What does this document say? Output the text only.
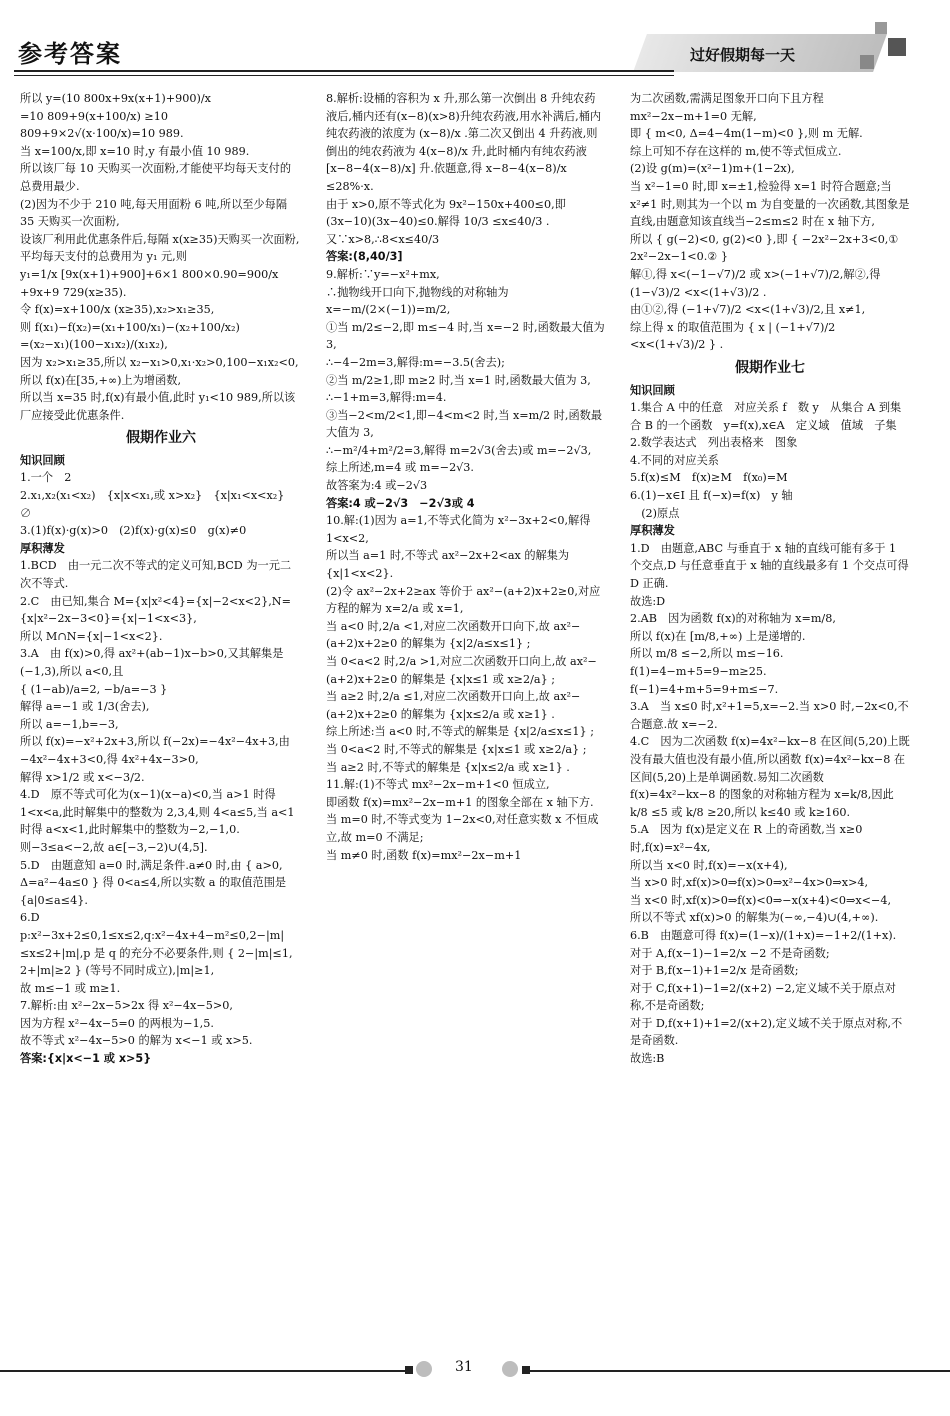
参考答案	过好假期每一天

所以 y=(10 800x+9x(x+1)+900)/x

=10 809+9(x+100/x) ≥10 809+9×2√(x·100/x)=10 989.

当 x=100/x,即 x=10 时,y 有最小值 10 989.

所以该厂每 10 天购买一次面粉,才能使平均每天支付的总费用最少.

(2)因为不少于 210 吨,每天用面粉 6 吨,所以至少每隔 35 天购买一次面粉,

设该厂利用此优惠条件后,每隔 x(x≥35)天购买一次面粉,平均每天支付的总费用为 y₁ 元,则

y₁=1/x [9x(x+1)+900]+6×1 800×0.90=900/x +9x+9 729(x≥35).

令 f(x)=x+100/x (x≥35),x₂>x₁≥35,

则 f(x₁)−f(x₂)=(x₁+100/x₁)−(x₂+100/x₂)

=(x₂−x₁)(100−x₁x₂)/(x₁x₂),

因为 x₂>x₁≥35,所以 x₂−x₁>0,x₁·x₂>0,100−x₁x₂<0,

所以 f(x)在[35,+∞)上为增函数,

所以当 x=35 时,f(x)有最小值,此时 y₁<10 989,所以该厂应接受此优惠条件.

假期作业六

知识回顾

1.一个　2

2.x₁,x₂(x₁<x₂)　{x|x<x₁,或 x>x₂}　{x|x₁<x<x₂}　∅

3.(1)f(x)·g(x)>0　(2)f(x)·g(x)≤0　g(x)≠0

厚积薄发

1.BCD　由一元二次不等式的定义可知,BCD 为一元二次不等式.

2.C　由已知,集合 M={x|x²<4}={x|−2<x<2},N={x|x²−2x−3<0}={x|−1<x<3},

所以 M∩N={x|−1<x<2}.

3.A　由 f(x)>0,得 ax²+(ab−1)x−b>0,又其解集是(−1,3),所以 a<0,且

{ (1−ab)/a=2, −b/a=−3 }

解得 a=−1 或 1/3(舍去),

所以 a=−1,b=−3,

所以 f(x)=−x²+2x+3,所以 f(−2x)=−4x²−4x+3,由−4x²−4x+3<0,得 4x²+4x−3>0,

解得 x>1/2 或 x<−3/2.

4.D　原不等式可化为(x−1)(x−a)<0,当 a>1 时得 1<x<a,此时解集中的整数为 2,3,4,则 4<a≤5,当 a<1 时得 a<x<1,此时解集中的整数为−2,−1,0.

则−3≤a<−2,故 a∈[−3,−2)∪(4,5].

5.D　由题意知 a=0 时,满足条件.a≠0 时,由 { a>0, Δ=a²−4a≤0 } 得 0<a≤4,所以实数 a 的取值范围是{a|0≤a≤4}.

6.D　p:x²−3x+2≤0,1≤x≤2,q:x²−4x+4−m²≤0,2−|m|≤x≤2+|m|,p 是 q 的充分不必要条件,则 { 2−|m|≤1, 2+|m|≥2 } (等号不同时成立),|m|≥1,

故 m≤−1 或 m≥1.

7.解析:由 x²−2x−5>2x 得 x²−4x−5>0,

因为方程 x²−4x−5=0 的两根为−1,5.

故不等式 x²−4x−5>0 的解为 x<−1 或 x>5.

答案:{x|x<−1 或 x>5}

8.解析:设桶的容积为 x 升,那么第一次倒出 8 升纯农药液后,桶内还有(x−8)(x>8)升纯农药液,用水补满后,桶内纯农药液的浓度为 (x−8)/x .第二次又倒出 4 升药液,则倒出的纯农药液为 4(x−8)/x 升,此时桶内有纯农药液 [x−8−4(x−8)/x] 升.依题意,得 x−8−4(x−8)/x ≤28%·x.

由于 x>0,原不等式化为 9x²−150x+400≤0,即(3x−10)(3x−40)≤0.解得 10/3 ≤x≤40/3 .

又∵x>8,∴8<x≤40/3

答案:(8,40/3]

9.解析:∵y=−x²+mx,

∴抛物线开口向下,抛物线的对称轴为 x=−m/(2×(−1))=m/2,

①当 m/2≤−2,即 m≤−4 时,当 x=−2 时,函数最大值为 3,

∴−4−2m=3,解得:m=−3.5(舍去);

②当 m/2≥1,即 m≥2 时,当 x=1 时,函数最大值为 3,

∴−1+m=3,解得:m=4.

③当−2<m/2<1,即−4<m<2 时,当 x=m/2 时,函数最大值为 3,

∴−m²/4+m²/2=3,解得 m=2√3(舍去)或 m=−2√3,

综上所述,m=4 或 m=−2√3.

故答案为:4 或−2√3

答案:4 或−2√3　−2√3或 4

10.解:(1)因为 a=1,不等式化简为 x²−3x+2<0,解得 1<x<2,

所以当 a=1 时,不等式 ax²−2x+2<ax 的解集为{x|1<x<2}.

(2)令 ax²−2x+2≥ax 等价于 ax²−(a+2)x+2≥0,对应方程的解为 x=2/a 或 x=1,

当 a<0 时,2/a <1,对应二次函数开口向下,故 ax²−(a+2)x+2≥0 的解集为 {x|2/a≤x≤1} ;

当 0<a<2 时,2/a >1,对应二次函数开口向上,故 ax²−(a+2)x+2≥0 的解集是 {x|x≤1 或 x≥2/a} ;

当 a≥2 时,2/a ≤1,对应二次函数开口向上,故 ax²−(a+2)x+2≥0 的解集为 {x|x≤2/a 或 x≥1} .

综上所述:当 a<0 时,不等式的解集是 {x|2/a≤x≤1} ;

当 0<a<2 时,不等式的解集是 {x|x≤1 或 x≥2/a} ;

当 a≥2 时,不等式的解集是 {x|x≤2/a 或 x≥1} .

11.解:(1)不等式 mx²−2x−m+1<0 恒成立,

即函数 f(x)=mx²−2x−m+1 的图象全部在 x 轴下方.

当 m=0 时,不等式变为 1−2x<0,对任意实数 x 不恒成立,故 m=0 不满足;

当 m≠0 时,函数 f(x)=mx²−2x−m+1

为二次函数,需满足图象开口向下且方程 mx²−2x−m+1=0 无解,

即 { m<0, Δ=4−4m(1−m)<0 },则 m 无解.

综上可知不存在这样的 m,使不等式恒成立.

(2)设 g(m)=(x²−1)m+(1−2x),

当 x²−1=0 时,即 x=±1,检验得 x=1 时符合题意;当 x²≠1 时,则其为一个以 m 为自变量的一次函数,其图象是直线,由题意知该直线当−2≤m≤2 时在 x 轴下方,

所以 { g(−2)<0, g(2)<0 },即 { −2x²−2x+3<0,① 2x²−2x−1<0.② }

解①,得 x<(−1−√7)/2 或 x>(−1+√7)/2,解②,得 (1−√3)/2 <x<(1+√3)/2 .

由①②,得 (−1+√7)/2 <x<(1+√3)/2,且 x≠1,

综上得 x 的取值范围为 { x | (−1+√7)/2 <x<(1+√3)/2 } .

假期作业七

知识回顾

1.集合 A 中的任意　对应关系 f　数 y　从集合 A 到集合 B 的一个函数　y=f(x),x∈A　定义域　值域　子集

2.数学表达式　列出表格来　图象

4.不同的对应关系

5.f(x)≤M　f(x)≥M　f(x₀)=M

6.(1)−x∈I 且 f(−x)=f(x)　y 轴

　(2)原点

厚积薄发

1.D　由题意,ABC 与垂直于 x 轴的直线可能有多于 1 个交点,D 与任意垂直于 x 轴的直线最多有 1 个交点可得 D 正确.

故选:D

2.AB　因为函数 f(x)的对称轴为 x=m/8,

所以 f(x)在 [m/8,+∞) 上是递增的.

所以 m/8 ≤−2,所以 m≤−16.

f(1)=4−m+5=9−m≥25.

f(−1)=4+m+5=9+m≤−7.

3.A　当 x≤0 时,x²+1=5,x=−2.当 x>0 时,−2x<0,不合题意.故 x=−2.

4.C　因为二次函数 f(x)=4x²−kx−8 在区间(5,20)上既没有最大值也没有最小值,所以函数 f(x)=4x²−kx−8 在区间(5,20)上是单调函数.易知二次函数 f(x)=4x²−kx−8 的图象的对称轴方程为 x=k/8,因此 k/8 ≤5 或 k/8 ≥20,所以 k≤40 或 k≥160.

5.A　因为 f(x)是定义在 R 上的奇函数,当 x≥0 时,f(x)=x²−4x,

所以当 x<0 时,f(x)=−x(x+4),

当 x>0 时,xf(x)>0⇒f(x)>0⇒x²−4x>0⇒x>4,

当 x<0 时,xf(x)>0⇒f(x)<0⇒−x(x+4)<0⇒x<−4,

所以不等式 xf(x)>0 的解集为(−∞,−4)∪(4,+∞).

6.B　由题意可得 f(x)=(1−x)/(1+x)=−1+2/(1+x).

对于 A,f(x−1)−1=2/x −2 不是奇函数;

对于 B,f(x−1)+1=2/x 是奇函数;

对于 C,f(x+1)−1=2/(x+2) −2,定义域不关于原点对称,不是奇函数;

对于 D,f(x+1)+1=2/(x+2),定义域不关于原点对称,不是奇函数.

故选:B

31
